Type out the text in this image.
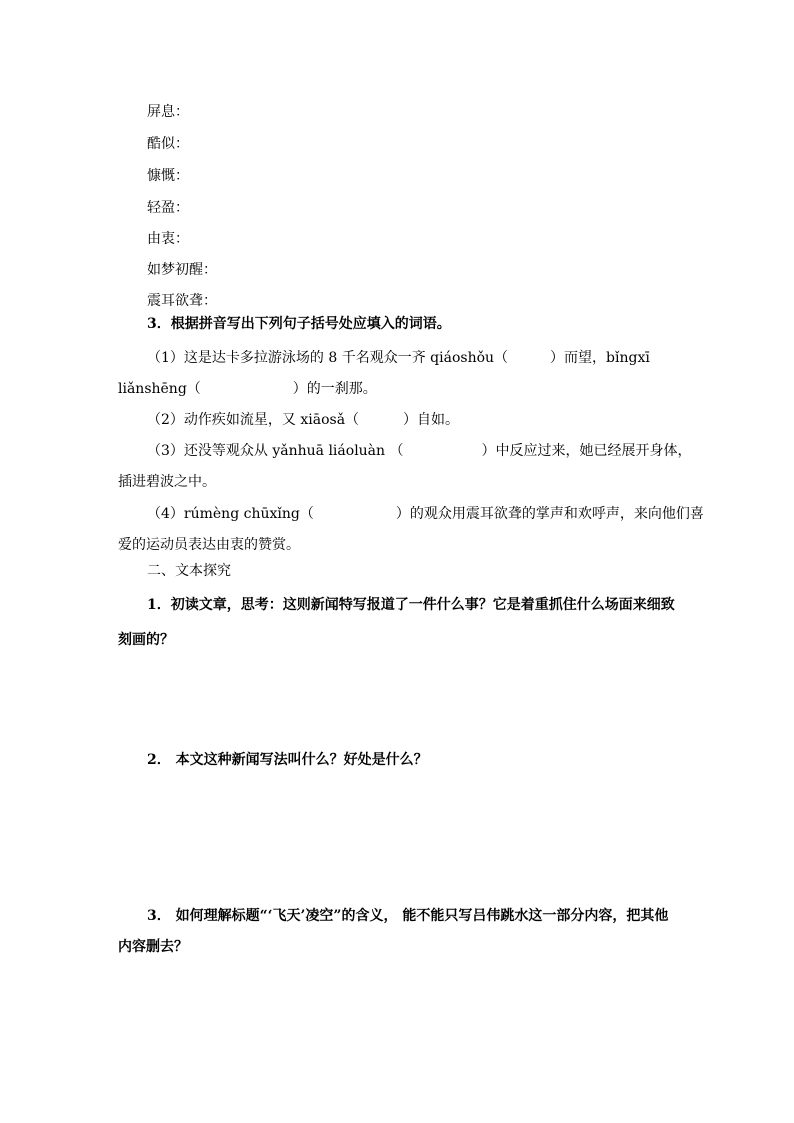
屏息：
酷似：
慷慨：
轻盈：
由衷：
如梦初醒：
震耳欲聋：
3．根据拼音写出下列句子括号处应填入的词语。
（1）这是达卡多拉游泳场的 8 千名观众一齐 qiáoshǒu（	）而望，bǐngxī
liǎnshēng（	）的一刹那。
（2）动作疾如流星，又 xiāosǎ（	）自如。
（3）还没等观众从 yǎnhuā liáoluàn （	）中反应过来，她已经展开身体，
插进碧波之中。
（4）rúmèng chūxǐng（	）的观众用震耳欲聋的掌声和欢呼声，来向他们喜
爱的运动员表达由衷的赞赏。
二、文本探究
1．初读文章，思考：这则新闻特写报道了一件什么事？它是着重抓住什么场面来细致
刻画的？
2． 本文这种新闻写法叫什么？好处是什么？
3． 如何理解标题“‘飞天’凌空”的含义， 能不能只写吕伟跳水这一部分内容，把其他
内容删去？
